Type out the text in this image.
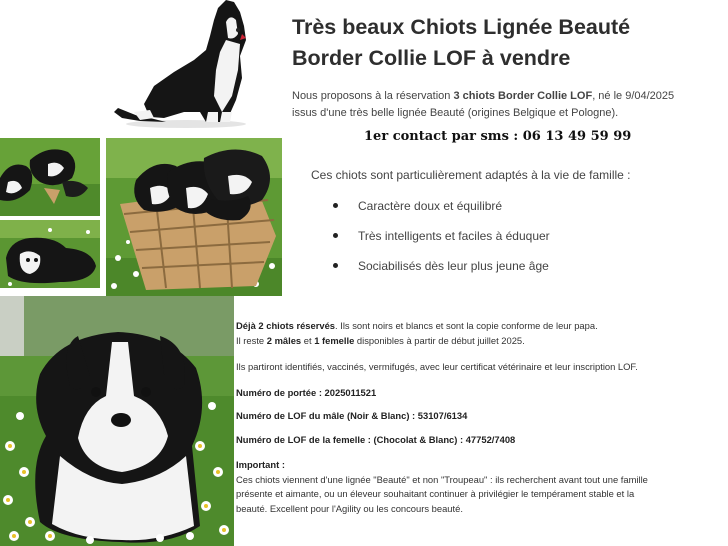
Très beaux Chiots Lignée Beauté
Border Collie LOF à vendre
Nous proposons à la réservation 3 chiots Border Collie LOF, né le 9/04/2025
issus d'une très belle lignée Beauté (origines Belgique et Pologne).
1er contact par sms : 06 13 49 59 99
Ces chiots sont particulièrement adaptés à la vie de famille :
Caractère doux et équilibré
Très intelligents et faciles à éduquer
Sociabilisés dès leur plus jeune âge
Déjà 2 chiots réservés. Ils sont noirs et blancs et sont la copie conforme de leur papa.
Il reste 2 mâles et 1 femelle disponibles à partir de début juillet 2025.
Ils partiront identifiés, vaccinés, vermifugés, avec leur certificat vétérinaire et leur inscription LOF.
Numéro de portée : 2025011521
Numéro de LOF du mâle (Noir & Blanc) : 53107/6134
Numéro de LOF de la femelle : (Chocolat & Blanc) : 47752/7408
Important :
Ces chiots viennent d'une lignée "Beauté" et non "Troupeau" : ils recherchent avant tout une famille
présente et aimante, ou un éleveur souhaitant continuer à privilégier le tempérament stable et la
beauté. Excellent pour l'Agility ou les concours beauté.
